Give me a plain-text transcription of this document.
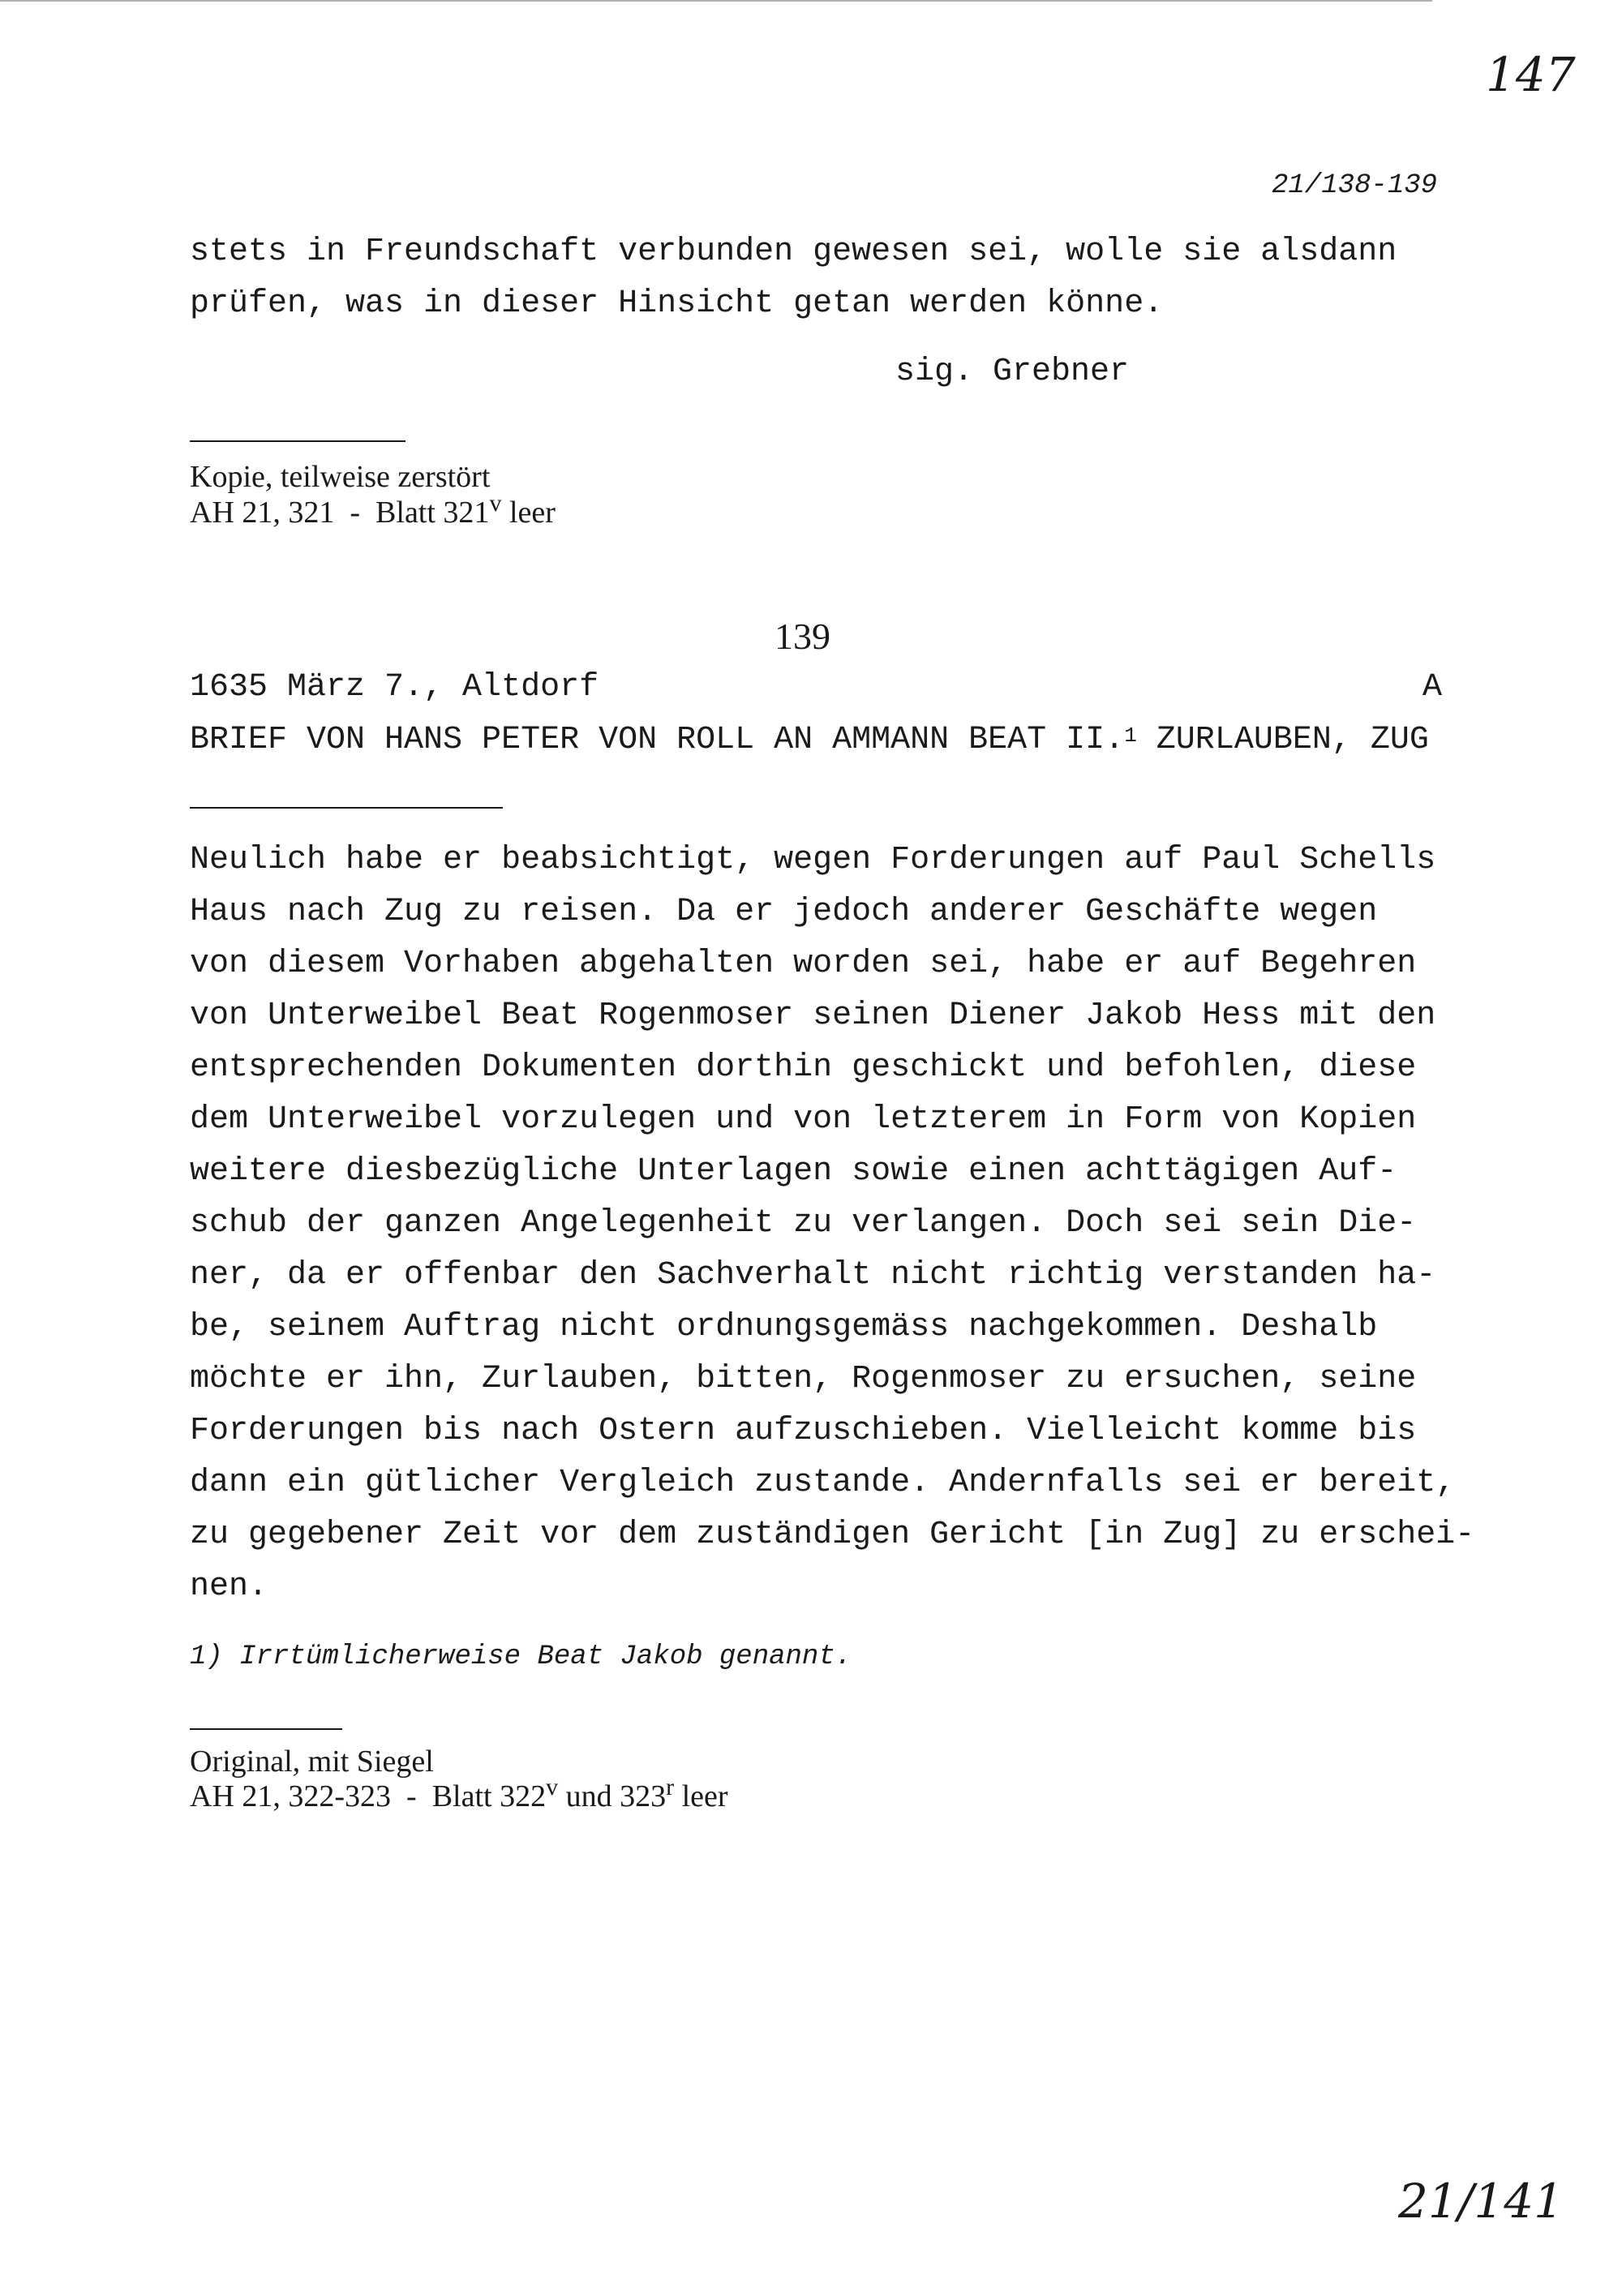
147
21/138-139
stets in Freundschaft verbunden gewesen sei, wolle sie alsdann
prüfen, was in dieser Hinsicht getan werden könne.
sig. Grebner
Kopie, teilweise zerstört
AH 21, 321  -  Blatt 321$^v$ leer
139
1635 März 7., Altdorf	A
BRIEF VON HANS PETER VON ROLL AN AMMANN BEAT II.$^1$ ZURLAUBEN, ZUG
Neulich habe er beabsichtigt, wegen Forderungen auf Paul Schells
Haus nach Zug zu reisen. Da er jedoch anderer Geschäfte wegen
von diesem Vorhaben abgehalten worden sei, habe er auf Begehren
von Unterweibel Beat Rogenmoser seinen Diener Jakob Hess mit den
entsprechenden Dokumenten dorthin geschickt und befohlen, diese
dem Unterweibel vorzulegen und von letzterem in Form von Kopien
weitere diesbezügliche Unterlagen sowie einen achttägigen Auf-
schub der ganzen Angelegenheit zu verlangen. Doch sei sein Die-
ner, da er offenbar den Sachverhalt nicht richtig verstanden ha-
be, seinem Auftrag nicht ordnungsgemäss nachgekommen. Deshalb
möchte er ihn, Zurlauben, bitten, Rogenmoser zu ersuchen, seine
Forderungen bis nach Ostern aufzuschieben. Vielleicht komme bis
dann ein gütlicher Vergleich zustande. Andernfalls sei er bereit,
zu gegebener Zeit vor dem zuständigen Gericht [in Zug] zu erschei-
nen.
1) Irrtümlicherweise Beat Jakob genannt.
Original, mit Siegel
AH 21, 322-323  -  Blatt 322$^v$ und 323$^r$ leer
21/141
